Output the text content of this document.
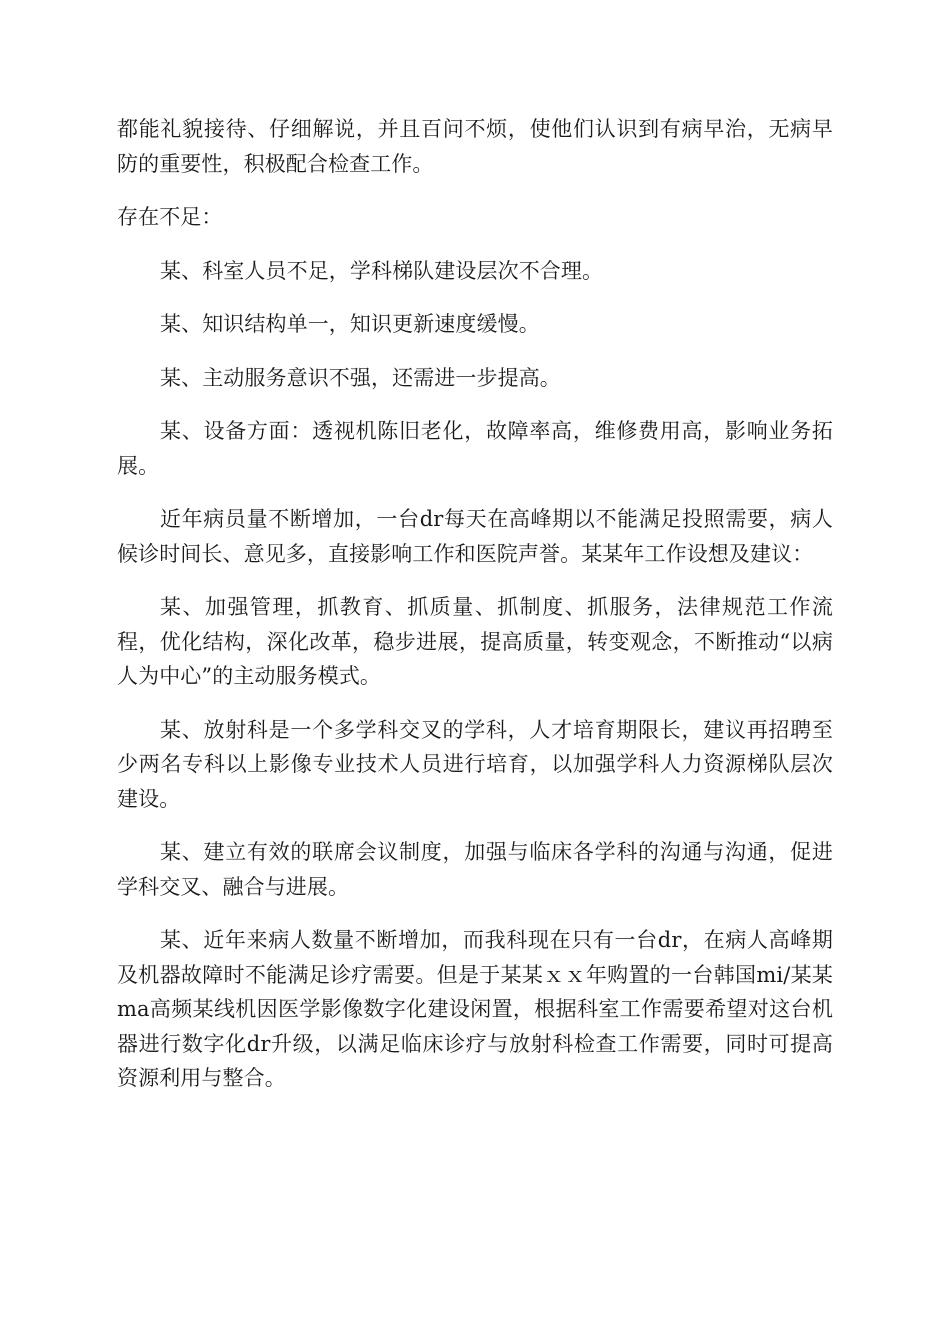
都能礼貌接待、仔细解说，并且百问不烦，使他们认识到有病早治，无病早防的重要性，积极配合检查工作。

存在不足：

某、科室人员不足，学科梯队建设层次不合理。

某、知识结构单一，知识更新速度缓慢。

某、主动服务意识不强，还需进一步提高。

某、设备方面：透视机陈旧老化，故障率高，维修费用高，影响业务拓展。

近年病员量不断增加，一台dr每天在高峰期以不能满足投照需要，病人候诊时间长、意见多，直接影响工作和医院声誉。某某年工作设想及建议：

某、加强管理，抓教育、抓质量、抓制度、抓服务，法律规范工作流程，优化结构，深化改革，稳步进展，提高质量，转变观念，不断推动“以病人为中心”的主动服务模式。

某、放射科是一个多学科交叉的学科，人才培育期限长，建议再招聘至少两名专科以上影像专业技术人员进行培育，以加强学科人力资源梯队层次建设。

某、建立有效的联席会议制度，加强与临床各学科的沟通与沟通，促进学科交叉、融合与进展。

某、近年来病人数量不断增加，而我科现在只有一台dr，在病人高峰期及机器故障时不能满足诊疗需要。但是于某某ｘｘ年购置的一台韩国mi/某某ma高频某线机因医学影像数字化建设闲置，根据科室工作需要希望对这台机器进行数字化dr升级，以满足临床诊疗与放射科检查工作需要，同时可提高资源利用与整合。
